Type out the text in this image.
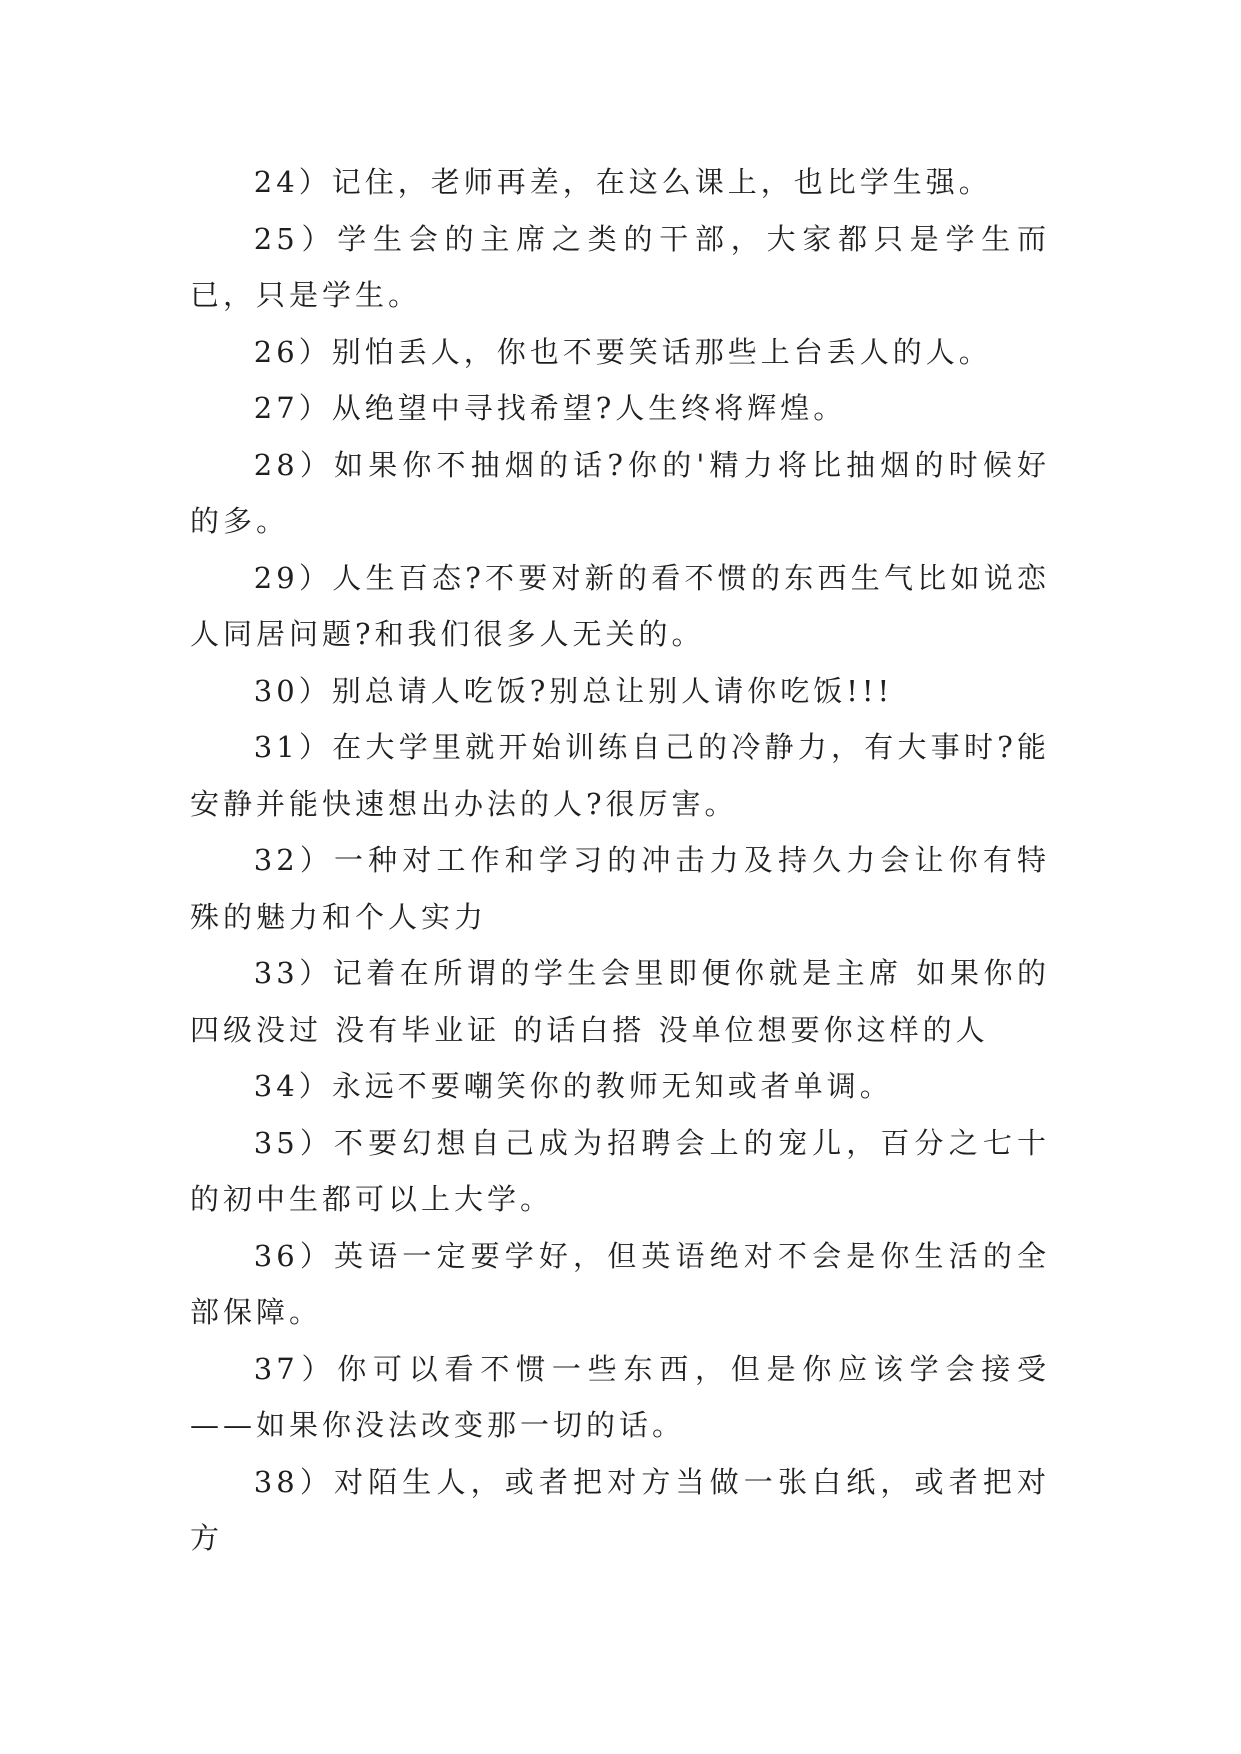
24）记住，老师再差，在这么课上，也比学生强。

25）学生会的主席之类的干部，大家都只是学生而已，只是学生。

26）别怕丢人，你也不要笑话那些上台丢人的人。

27）从绝望中寻找希望?人生终将辉煌。

28）如果你不抽烟的话?你的'精力将比抽烟的时候好的多。

29）人生百态?不要对新的看不惯的东西生气比如说恋人同居问题?和我们很多人无关的。

30）别总请人吃饭?别总让别人请你吃饭!!!

31）在大学里就开始训练自己的冷静力，有大事时?能安静并能快速想出办法的人?很厉害。

32）一种对工作和学习的冲击力及持久力会让你有特殊的魅力和个人实力

33）记着在所谓的学生会里即便你就是主席 如果你的四级没过 没有毕业证 的话白搭 没单位想要你这样的人

34）永远不要嘲笑你的教师无知或者单调。

35）不要幻想自己成为招聘会上的宠儿，百分之七十的初中生都可以上大学。

36）英语一定要学好，但英语绝对不会是你生活的全部保障。

37）你可以看不惯一些东西，但是你应该学会接受——如果你没法改变那一切的话。

38）对陌生人，或者把对方当做一张白纸，或者把对方
